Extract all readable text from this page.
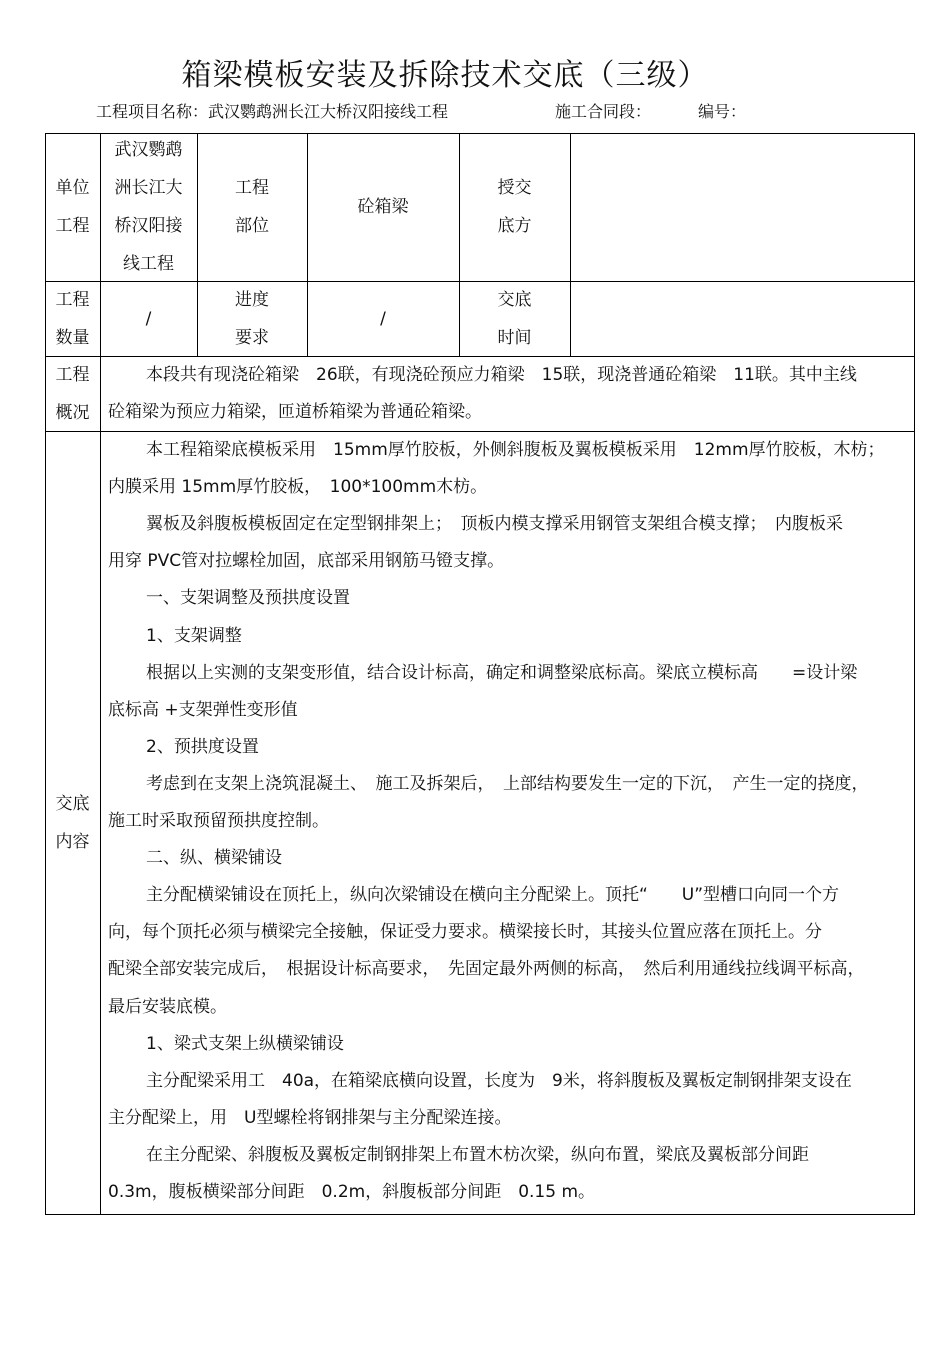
箱梁模板安装及拆除技术交底（三级）
工程项目名称：武汉鹦鹉洲长江大桥汉阳接线工程	施工合同段：	编号：
单位
工程
武汉鹦鹉
洲长江大
桥汉阳接
线工程
工程
部位
砼箱梁
授交
底方
工程
数量
/
进度
要求
/
交底
时间
工程
概况
本段共有现浇砼箱梁　26联，有现浇砼预应力箱梁　15联，现浇普通砼箱梁　11联。其中主线
砼箱梁为预应力箱梁，匝道桥箱梁为普通砼箱梁。
交底
内容
本工程箱梁底模板采用　15mm厚竹胶板，外侧斜腹板及翼板模板采用　12mm厚竹胶板，木枋；
内膜采用 15mm厚竹胶板，　100*100mm木枋。
翼板及斜腹板模板固定在定型钢排架上；　顶板内模支撑采用钢管支架组合模支撑；　内腹板采
用穿 PVC管对拉螺栓加固，底部采用钢筋马镫支撑。
一、支架调整及预拱度设置
1、支架调整
根据以上实测的支架变形值，结合设计标高，确定和调整梁底标高。梁底立模标高　　=设计梁
底标高 +支架弹性变形值
2、预拱度设置
考虑到在支架上浇筑混凝土、　施工及拆架后，　上部结构要发生一定的下沉，　产生一定的挠度，
施工时采取预留预拱度控制。
二、纵、横梁铺设
主分配横梁铺设在顶托上，纵向次梁铺设在横向主分配梁上。顶托“　　U”型槽口向同一个方
向，每个顶托必须与横梁完全接触，保证受力要求。横梁接长时，其接头位置应落在顶托上。分
配梁全部安装完成后，　根据设计标高要求，　先固定最外两侧的标高，　然后利用通线拉线调平标高，
最后安装底模。
1、梁式支架上纵横梁铺设
主分配梁采用工　40a，在箱梁底横向设置，长度为　9米，将斜腹板及翼板定制钢排架支设在
主分配梁上，用　U型螺栓将钢排架与主分配梁连接。
在主分配梁、斜腹板及翼板定制钢排架上布置木枋次梁，纵向布置，梁底及翼板部分间距
0.3m，腹板横梁部分间距　0.2m，斜腹板部分间距　0.15 m。
